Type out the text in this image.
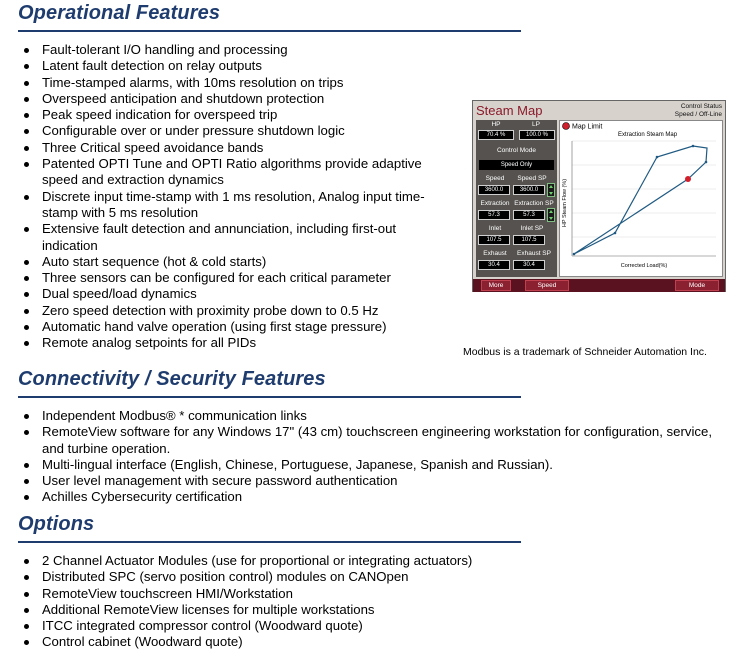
Operational Features
Fault-tolerant I/O handling and processing
Latent fault detection on relay outputs
Time-stamped alarms, with 10ms resolution on trips
Overspeed anticipation and shutdown protection
Peak speed indication for overspeed trip
Configurable over or under pressure shutdown logic
Three Critical speed avoidance bands
Patented OPTI Tune and OPTI Ratio algorithms provide adaptive speed and extraction dynamics
Discrete input time-stamp with 1 ms resolution, Analog input time-stamp with 5 ms resolution
Extensive fault detection and annunciation, including first-out indication
Auto start sequence (hot & cold starts)
Three sensors can be configured for each critical parameter
Dual speed/load dynamics
Zero speed detection with proximity probe down to 0.5 Hz
Automatic hand valve operation (using first stage pressure)
Remote analog setpoints for all PIDs
Steam Map	Control Status
Speed / Off-Line
HP	LP
70.4 %	100.0 %
Control Mode
Speed Only
Speed	Speed SP
3600.0	3600.0
Extraction Extraction SP
57.3	57.3
Inlet	Inlet SP
107.5	107.5
Exhaust	Exhaust SP
30.4	30.4
Map Limit
Extraction Steam Map
HP Steam Flow (%)
Corrected Load(%)
More	Speed	Mode
Modbus is a trademark of Schneider Automation Inc.
Connectivity / Security Features
Independent Modbus® * communication links
RemoteView software for any Windows 17" (43 cm) touchscreen engineering workstation for configuration, service, and turbine operation.
Multi-lingual interface (English, Chinese, Portuguese, Japanese, Spanish and Russian).
User level management with secure password authentication
Achilles Cybersecurity certification
Options
2 Channel Actuator Modules (use for proportional or integrating actuators)
Distributed SPC (servo position control) modules on CANOpen
RemoteView touchscreen HMI/Workstation
Additional RemoteView licenses for multiple workstations
ITCC integrated compressor control (Woodward quote)
Control cabinet (Woodward quote)
